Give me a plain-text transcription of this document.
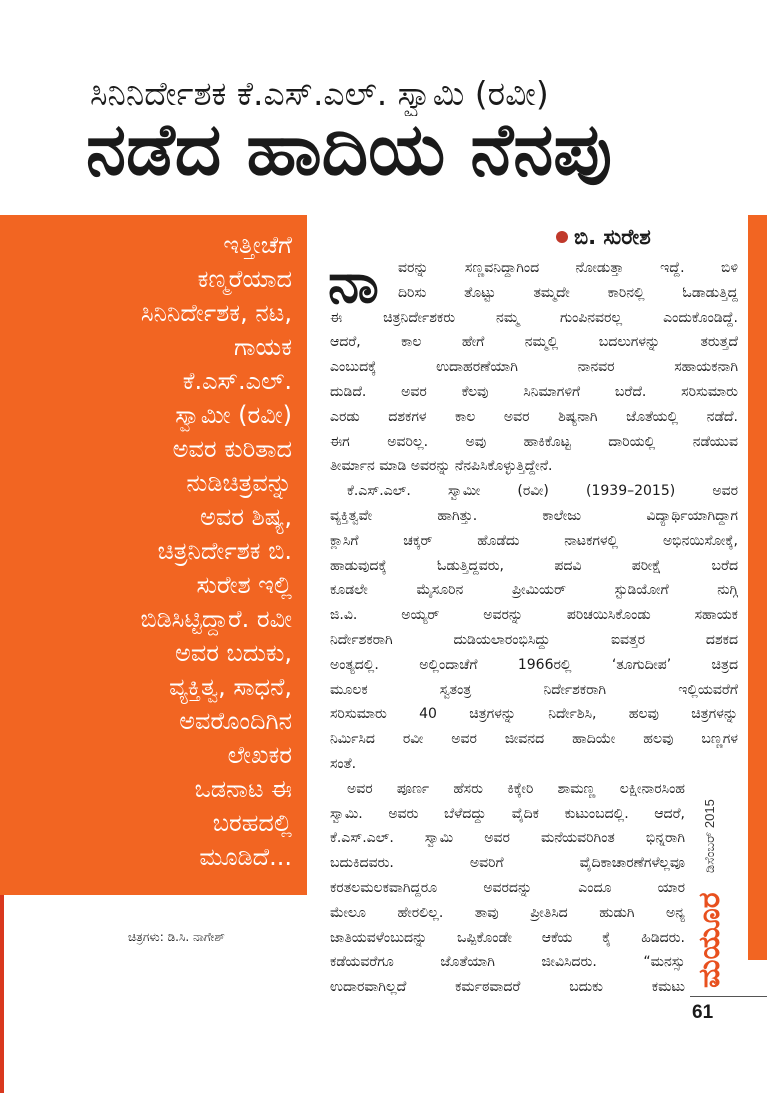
ಸಿನಿನಿರ್ದೇಶಕ ಕೆ.ಎಸ್.ಎಲ್. ಸ್ವಾಮಿ (ರವೀ)
ನಡೆದ ಹಾದಿಯ ನೆನಪು
ಇತ್ತೀಚೆಗೆ
ಕಣ್ಮರೆಯಾದ
ಸಿನಿನಿರ್ದೇಶಕ, ನಟ,
ಗಾಯಕ
ಕೆ.ಎಸ್.ಎಲ್.
ಸ್ವಾಮೀ (ರವೀ)
ಅವರ ಕುರಿತಾದ
ನುಡಿಚಿತ್ರವನ್ನು
ಅವರ ಶಿಷ್ಯ,
ಚಿತ್ರನಿರ್ದೇಶಕ ಬಿ.
ಸುರೇಶ ಇಲ್ಲಿ
ಬಿಡಿಸಿಟ್ಟಿದ್ದಾರೆ. ರವೀ
ಅವರ ಬದುಕು,
ವ್ಯಕ್ತಿತ್ವ, ಸಾಧನೆ,
ಅವರೊಂದಿಗಿನ
ಲೇಖಕರ
ಒಡನಾಟ ಈ
ಬರಹದಲ್ಲಿ
ಮೂಡಿದೆ...
ಬಿ. ಸುರೇಶ
ಚಿತ್ರಗಳು: ಡಿ.ಸಿ. ನಾಗೇಶ್
ನಾ	ವರನ್ನು ಸಣ್ಣವನಿದ್ದಾಗಿಂದ ನೋಡುತ್ತಾ ಇದ್ದೆ. ಬಿಳಿ
ದಿರಿಸು ತೊಟ್ಟು ತಮ್ಮದೇ ಕಾರಿನಲ್ಲಿ ಓಡಾಡುತ್ತಿದ್ದ
ಈ ಚಿತ್ರನಿರ್ದೇಶಕರು ನಮ್ಮ ಗುಂಪಿನವರಲ್ಲ ಎಂದುಕೊಂಡಿದ್ದೆ.
ಆದರೆ, ಕಾಲ ಹೇಗೆ ನಮ್ಮಲ್ಲಿ ಬದಲುಗಳನ್ನು ತರುತ್ತದೆ
ಎಂಬುದಕ್ಕೆ ಉದಾಹರಣೆಯಾಗಿ ನಾನವರ ಸಹಾಯಕನಾಗಿ
ದುಡಿದೆ. ಅವರ ಕೆಲವು ಸಿನಿಮಾಗಳಿಗೆ ಬರೆದೆ. ಸರಿಸುಮಾರು
ಎರಡು ದಶಕಗಳ ಕಾಲ ಅವರ ಶಿಷ್ಯನಾಗಿ ಜೊತೆಯಲ್ಲಿ ನಡೆದೆ.
ಈಗ ಅವರಿಲ್ಲ. ಅವು ಹಾಕಿಕೊಟ್ಟ ದಾರಿಯಲ್ಲಿ ನಡೆಯುವ
ತೀರ್ಮಾನ ಮಾಡಿ ಅವರನ್ನು ನೆನಪಿಸಿಕೊಳ್ಳುತ್ತಿದ್ದೇನೆ.
ಕೆ.ಎಸ್.ಎಲ್. ಸ್ವಾಮೀ (ರವೀ) (1939–2015) ಅವರ
ವ್ಯಕ್ತಿತ್ವವೇ ಹಾಗಿತ್ತು. ಕಾಲೇಜು ವಿದ್ಯಾರ್ಥಿಯಾಗಿದ್ದಾಗ
ಕ್ಲಾಸಿಗೆ ಚಕ್ಕರ್ ಹೊಡೆದು ನಾಟಕಗಳಲ್ಲಿ ಅಭಿನಯಿಸೋಕ್ಕೆ,
ಹಾಡುವುದಕ್ಕೆ ಓಡುತ್ತಿದ್ದವರು, ಪದವಿ ಪರೀಕ್ಷೆ ಬರೆದ
ಕೂಡಲೇ ಮೈಸೂರಿನ ಪ್ರೀಮಿಯರ್ ಸ್ಟುಡಿಯೋಗೆ ನುಗ್ಗಿ
ಜಿ.ವಿ. ಅಯ್ಯರ್ ಅವರನ್ನು ಪರಿಚಯಿಸಿಕೊಂಡು ಸಹಾಯಕ
ನಿರ್ದೇಶಕರಾಗಿ ದುಡಿಯಲಾರಂಭಿಸಿದ್ದು ಐವತ್ತರ ದಶಕದ
ಅಂತ್ಯದಲ್ಲಿ. ಅಲ್ಲಿಂದಾಚೆಗೆ 1966ರಲ್ಲಿ ‘ತೂಗುದೀಪ’ ಚಿತ್ರದ
ಮೂಲಕ ಸ್ವತಂತ್ರ ನಿರ್ದೇಶಕರಾಗಿ ಇಲ್ಲಿಯವರೆಗೆ
ಸರಿಸುಮಾರು 40 ಚಿತ್ರಗಳನ್ನು ನಿರ್ದೇಶಿಸಿ, ಹಲವು ಚಿತ್ರಗಳನ್ನು
ನಿರ್ಮಿಸಿದ ರವೀ ಅವರ ಜೀವನದ ಹಾದಿಯೇ ಹಲವು ಬಣ್ಣಗಳ
ಸಂತೆ.
ಅವರ ಪೂರ್ಣ ಹೆಸರು ಕಿಕ್ಕೇರಿ ಶಾಮಣ್ಣ ಲಕ್ಷೀನಾರಸಿಂಹ
ಸ್ವಾಮಿ. ಅವರು ಬೆಳೆದದ್ದು ವೈದಿಕ ಕುಟುಂಬದಲ್ಲಿ. ಆದರೆ,
ಕೆ.ಎಸ್.ಎಲ್. ಸ್ವಾಮಿ ಅವರ ಮನೆಯವರಿಗಿಂತ ಭಿನ್ನರಾಗಿ
ಬದುಕಿದವರು. ಅವರಿಗೆ ವೈದಿಕಾಚಾರಣೆಗಳೆಲ್ಲವೂ
ಕರತಲಮಲಕವಾಗಿದ್ದರೂ ಅವರದನ್ನು ಎಂದೂ ಯಾರ
ಮೇಲೂ ಹೇರಲಿಲ್ಲ. ತಾವು ಪ್ರೀತಿಸಿದ ಹುಡುಗಿ ಅನ್ಯ
ಜಾತಿಯವಳೆಂಬುದನ್ನು ಒಪ್ಪಿಕೊಂಡೇ ಆಕೆಯ ಕೈ ಹಿಡಿದರು.
ಕಡೆಯವರೆಗೂ ಜೊತೆಯಾಗಿ ಜೀವಿಸಿದರು. “ಮನಸ್ಸು
ಉದಾರವಾಗಿಲ್ಲದೆ ಕರ್ಮಠವಾದರೆ ಬದುಕು ಕಮಟು ಮಯೂರ ಡಿಸೆಂಬರ್ 2015
61
